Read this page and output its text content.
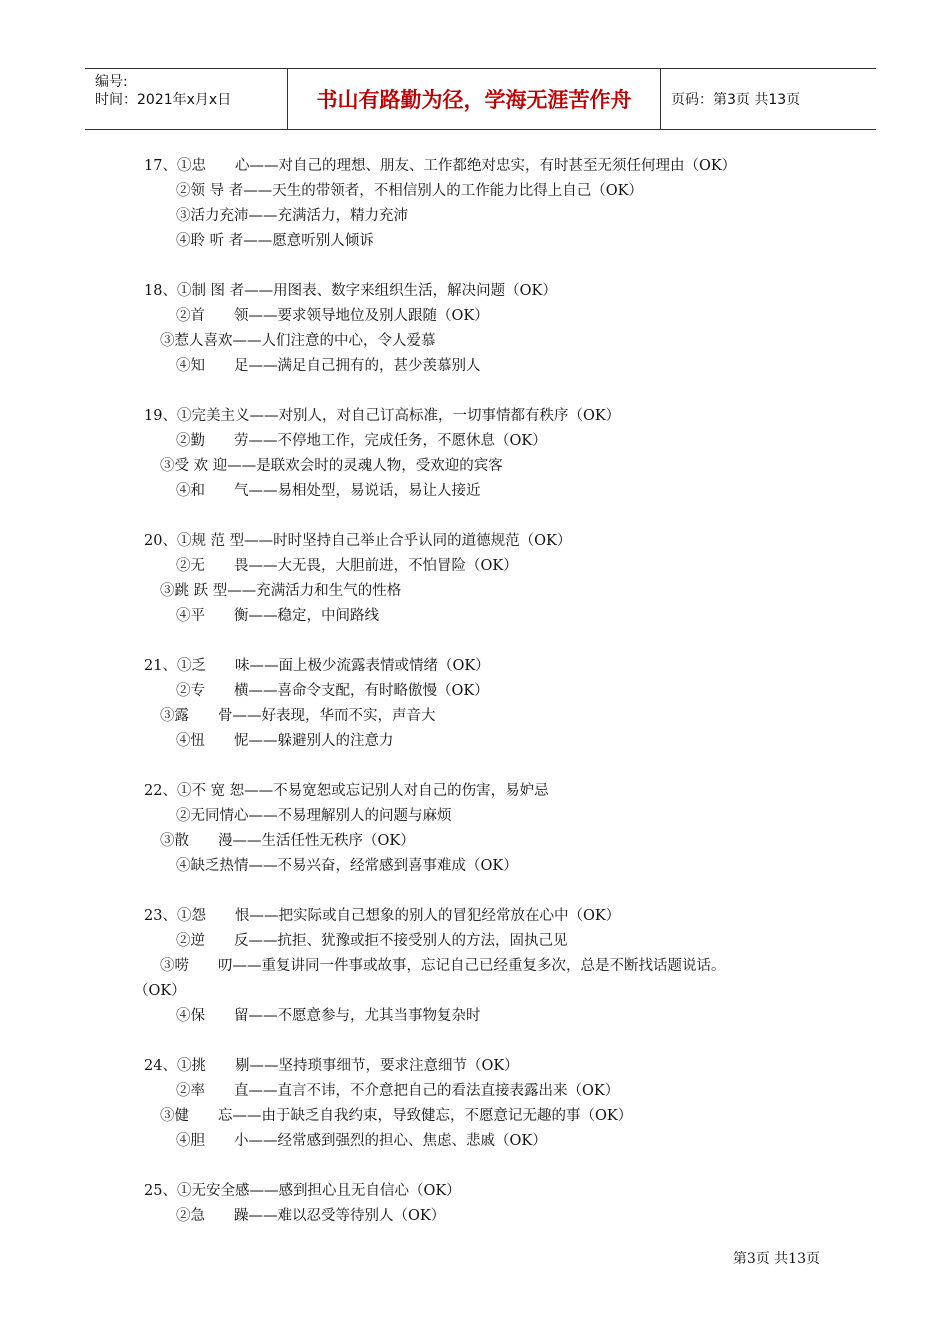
编号:
时间：2021年x月x日	书山有路勤为径，学海无涯苦作舟	页码：第3页 共13页
17、①忠　　心——对自己的理想、朋友、工作都绝对忠实，有时甚至无须任何理由（OK）
②领 导 者——天生的带领者，不相信别人的工作能力比得上自己（OK）
③活力充沛——充满活力，精力充沛
④聆 听 者——愿意听别人倾诉
18、①制 图 者——用图表、数字来组织生活，解决问题（OK）
②首　　领——要求领导地位及别人跟随（OK）
③惹人喜欢——人们注意的中心，令人爱慕
④知　　足——满足自己拥有的，甚少羡慕别人
19、①完美主义——对别人，对自己订高标准，一切事情都有秩序（OK）
②勤　　劳——不停地工作，完成任务，不愿休息（OK）
③受 欢 迎——是联欢会时的灵魂人物，受欢迎的宾客
④和　　气——易相处型，易说话，易让人接近
20、①规 范 型——时时坚持自己举止合乎认同的道德规范（OK）
②无　　畏——大无畏，大胆前进，不怕冒险（OK）
③跳 跃 型——充满活力和生气的性格
④平　　衡——稳定，中间路线
21、①乏　　味——面上极少流露表情或情绪（OK）
②专　　横——喜命令支配，有时略傲慢（OK）
③露　　骨——好表现，华而不实，声音大
④忸　　怩——躲避别人的注意力
22、①不 宽 恕——不易宽恕或忘记别人对自己的伤害，易妒忌
②无同情心——不易理解别人的问题与麻烦
③散　　漫——生活任性无秩序（OK）
④缺乏热情——不易兴奋，经常感到喜事难成（OK）
23、①怨　　恨——把实际或自己想象的别人的冒犯经常放在心中（OK）
②逆　　反——抗拒、犹豫或拒不接受别人的方法，固执己见
③唠　　叨——重复讲同一件事或故事，忘记自己已经重复多次，总是不断找话题说话。
（OK）
④保　　留——不愿意参与，尤其当事物复杂时
24、①挑　　剔——坚持琐事细节，要求注意细节（OK）
②率　　直——直言不讳，不介意把自己的看法直接表露出来（OK）
③健　　忘——由于缺乏自我约束，导致健忘，不愿意记无趣的事（OK）
④胆　　小——经常感到强烈的担心、焦虑、悲戚（OK）
25、①无安全感——感到担心且无自信心（OK）
②急　　躁——难以忍受等待别人（OK）
第3页 共13页
